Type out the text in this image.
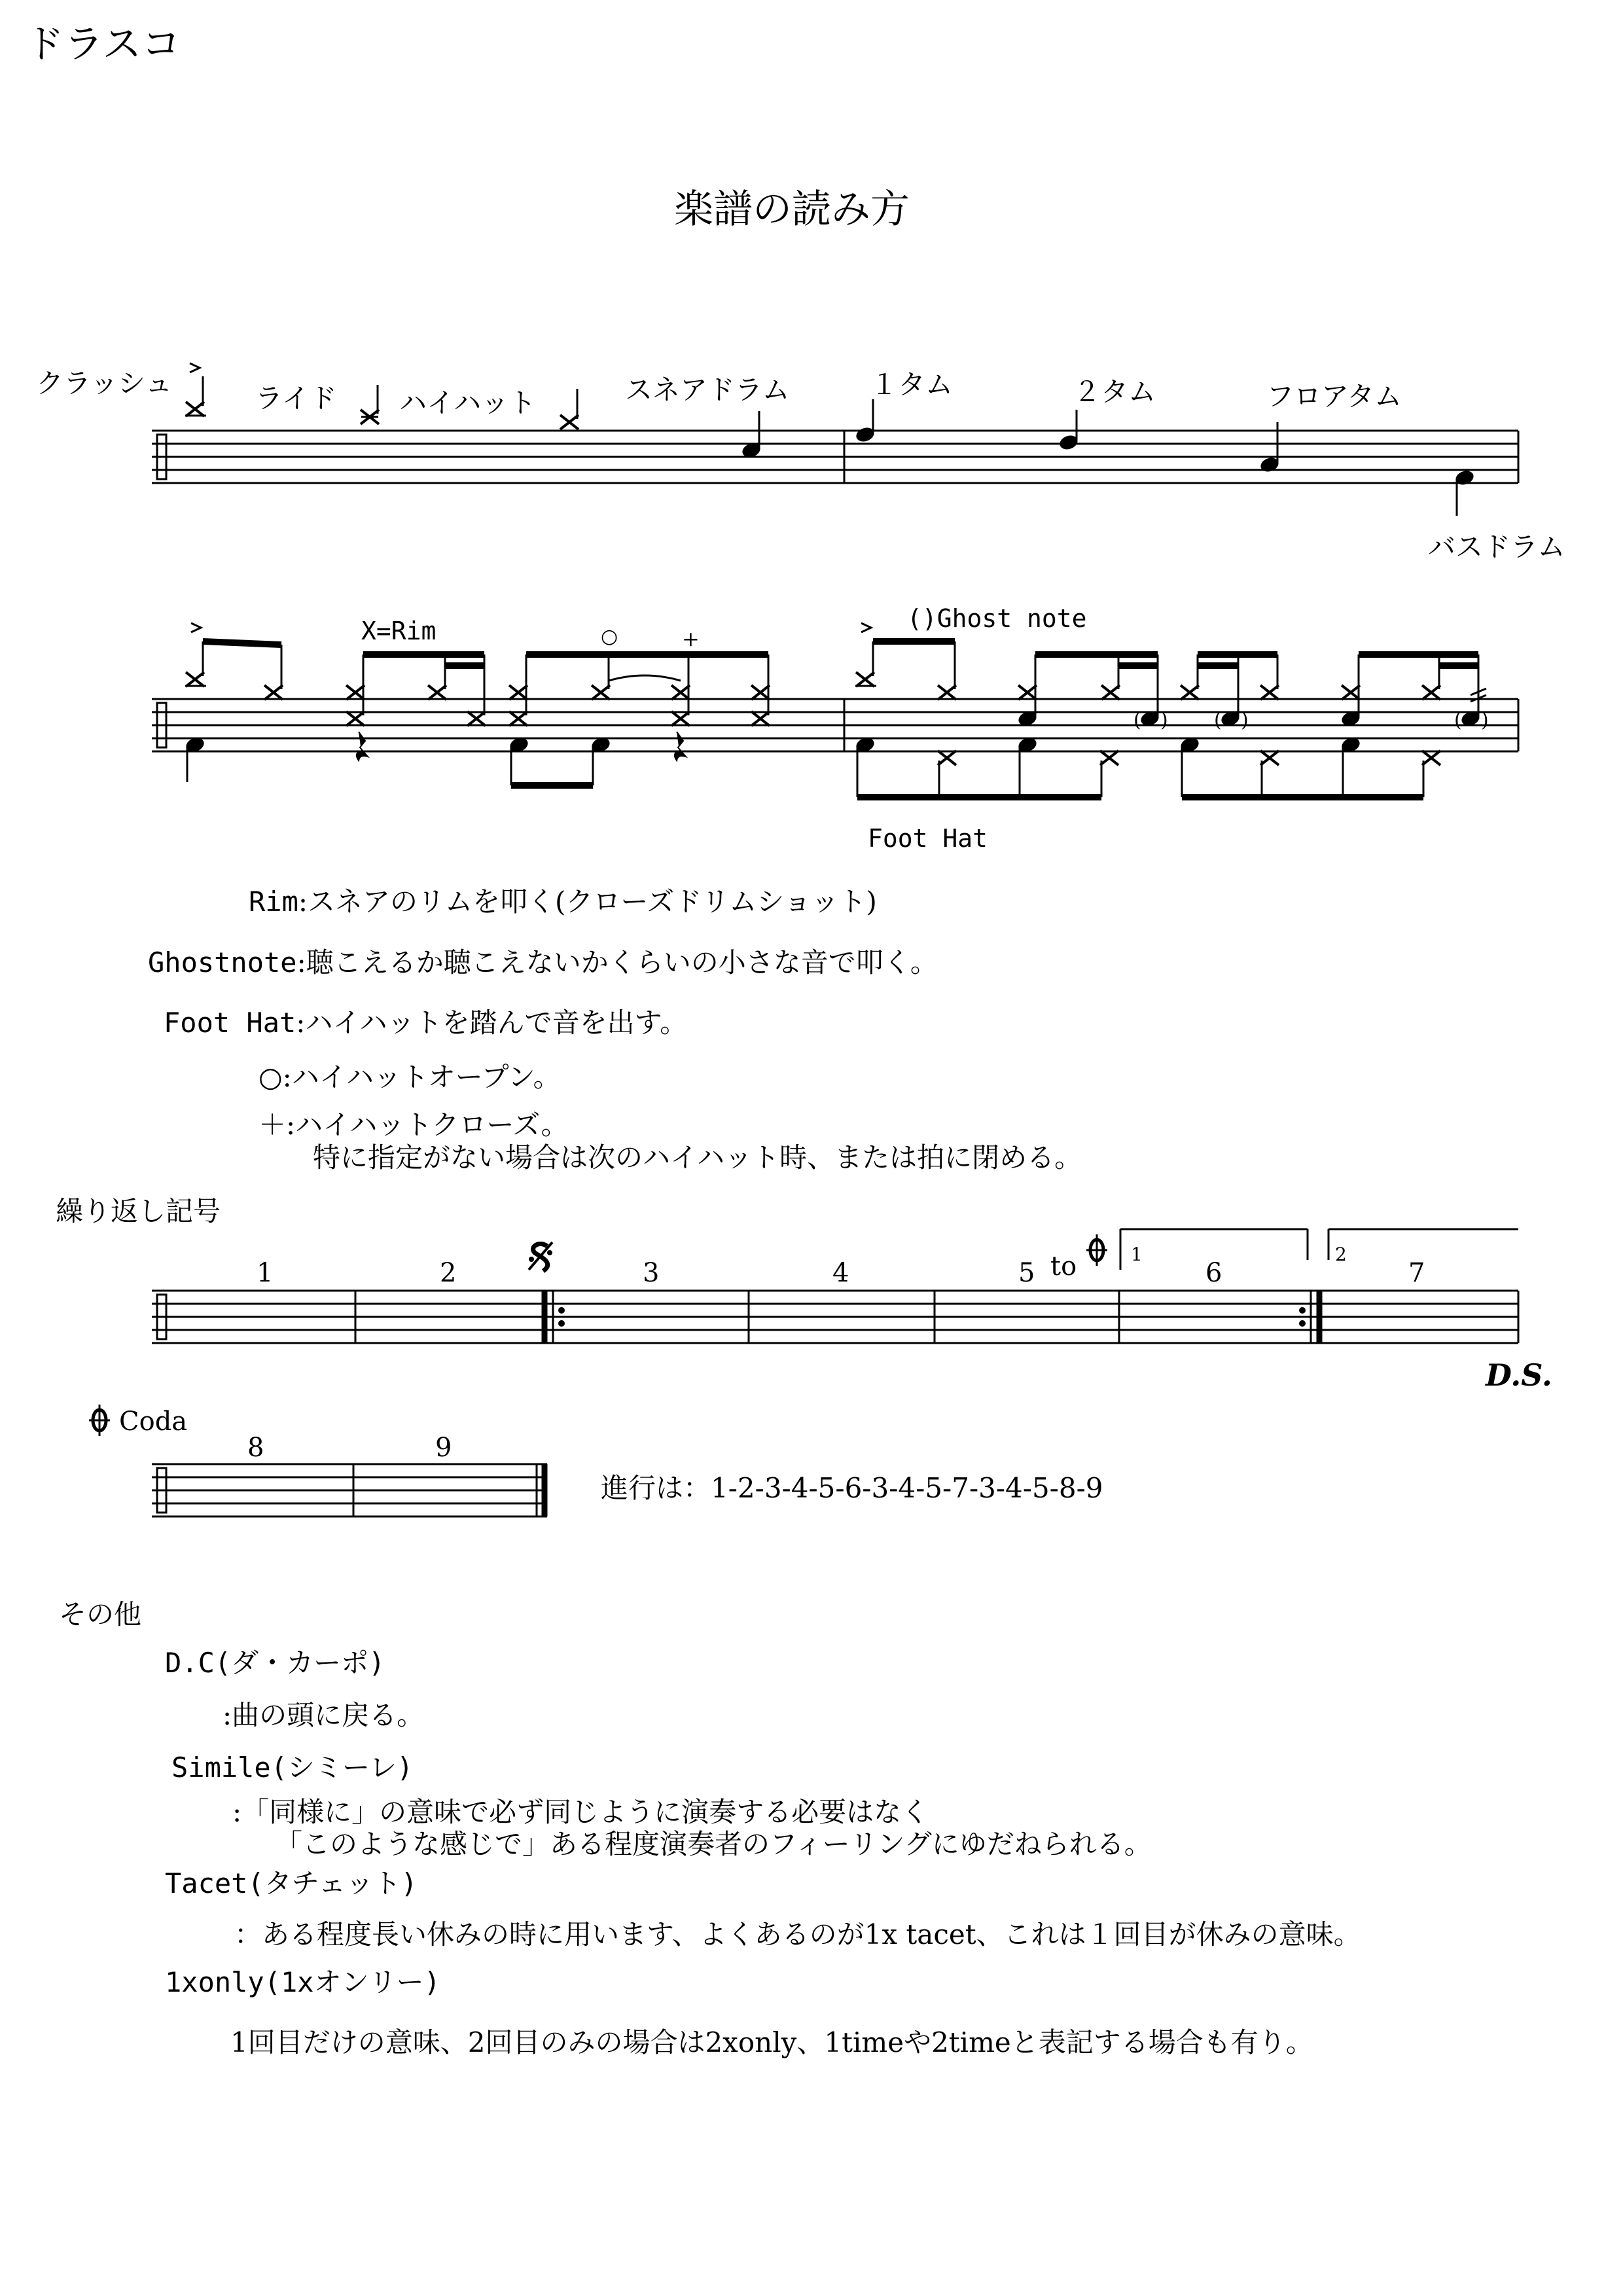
ドラスコ
楽譜の読み方
クラッシュ	ライド ハイハット	スネアドラム	１タム	２タム	フロアタム
バスドラム
X=Rim	○	+
()Ghost note
Foot Hat
Rim:スネアのリムを叩く(クローズドリムショット)
Ghostnote:聴こえるか聴こえないかくらいの小さな音で叩く。
Foot Hat:ハイハットを踏んで音を出す。
○:ハイハットオープン。
＋:ハイハットクローズ。
特に指定がない場合は次のハイハット時、または拍に閉める。
繰り返し記号
1	2	3	4	5	6	7
to	1	2
D.S.
Coda
8	9
進行は：1-2-3-4-5-6-3-4-5-7-3-4-5-8-9
その他
D.C(ダ・カーポ)
:曲の頭に戻る。
Simile(シミーレ)
:「同様に」の意味で必ず同じように演奏する必要はなく
「このような感じで」ある程度演奏者のフィーリングにゆだねられる。
Tacet(タチェット)
：ある程度長い休みの時に用います、よくあるのが1x tacet、これは１回目が休みの意味。
1xonly(1xオンリー)
1回目だけの意味、2回目のみの場合は2xonly、1timeや2timeと表記する場合も有り。
( ) ( )	( )
